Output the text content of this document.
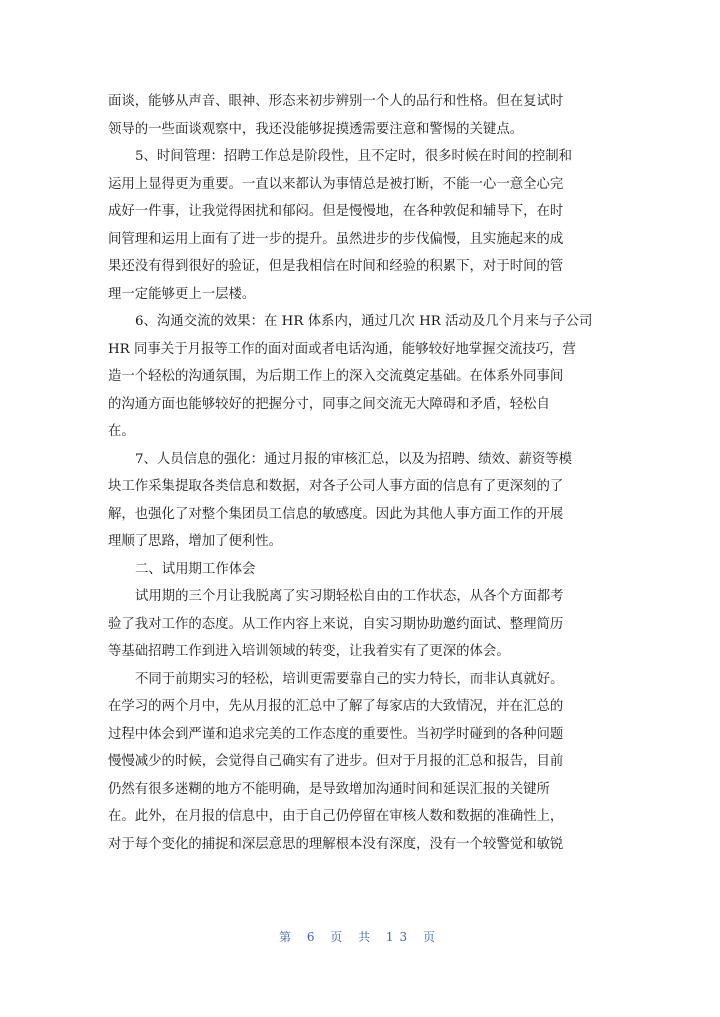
面谈，能够从声音、眼神、形态来初步辨别一个人的品行和性格。但在复试时
领导的一些面谈观察中，我还没能够捉摸透需要注意和警惕的关键点。
5、时间管理：招聘工作总是阶段性，且不定时，很多时候在时间的控制和
运用上显得更为重要。一直以来都认为事情总是被打断，不能一心一意全心完
成好一件事，让我觉得困扰和郁闷。但是慢慢地，在各种敦促和辅导下，在时
间管理和运用上面有了进一步的提升。虽然进步的步伐偏慢，且实施起来的成
果还没有得到很好的验证，但是我相信在时间和经验的积累下，对于时间的管
理一定能够更上一层楼。
6、沟通交流的效果：在 HR 体系内，通过几次 HR 活动及几个月来与子公司
HR 同事关于月报等工作的面对面或者电话沟通，能够较好地掌握交流技巧，营
造一个轻松的沟通氛围，为后期工作上的深入交流奠定基础。在体系外同事间
的沟通方面也能够较好的把握分寸，同事之间交流无大障碍和矛盾，轻松自
在。
7、人员信息的强化：通过月报的审核汇总，以及为招聘、绩效、薪资等模
块工作采集提取各类信息和数据，对各子公司人事方面的信息有了更深刻的了
解，也强化了对整个集团员工信息的敏感度。因此为其他人事方面工作的开展
理顺了思路，增加了便利性。
二、试用期工作体会
试用期的三个月让我脱离了实习期轻松自由的工作状态，从各个方面都考
验了我对工作的态度。从工作内容上来说，自实习期协助邀约面试、整理简历
等基础招聘工作到进入培训领域的转变，让我着实有了更深的体会。
不同于前期实习的轻松，培训更需要靠自己的实力特长，而非认真就好。
在学习的两个月中，先从月报的汇总中了解了每家店的大致情况，并在汇总的
过程中体会到严谨和追求完美的工作态度的重要性。当初学时碰到的各种问题
慢慢减少的时候，会觉得自己确实有了进步。但对于月报的汇总和报告，目前
仍然有很多迷糊的地方不能明确，是导致增加沟通时间和延误汇报的关键所
在。此外，在月报的信息中，由于自己仍停留在审核人数和数据的准确性上，
对于每个变化的捕捉和深层意思的理解根本没有深度，没有一个较警觉和敏锐
第 6 页 共 13 页
